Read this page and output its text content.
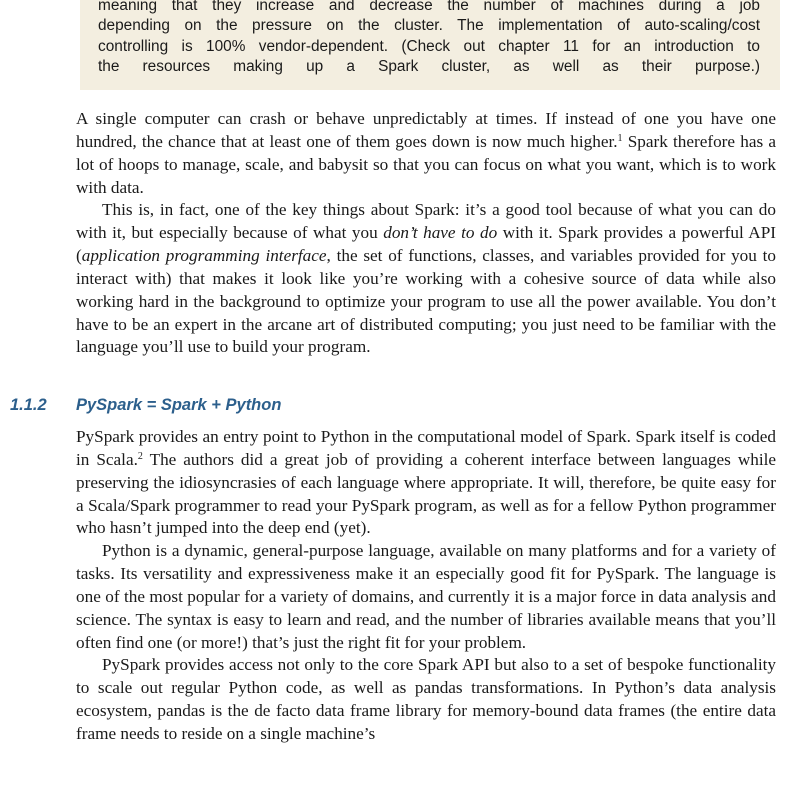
meaning that they increase and decrease the number of machines during a job
depending on the pressure on the cluster. The implementation of auto-scaling/cost
controlling is 100% vendor-dependent. (Check out chapter 11 for an introduction to
the resources making up a Spark cluster, as well as their purpose.)

A single computer can crash or behave unpredictably at times. If instead of one you have one hundred, the chance that at least one of them goes down is now much higher.$^1$ Spark therefore has a lot of hoops to manage, scale, and babysit so that you can focus on what you want, which is to work with data.

This is, in fact, one of the key things about Spark: it’s a good tool because of what you can do with it, but especially because of what you don’t have to do with it. Spark provides a powerful API (application programming interface, the set of functions, classes, and variables provided for you to interact with) that makes it look like you’re working with a cohesive source of data while also working hard in the background to optimize your program to use all the power available. You don’t have to be an expert in the arcane art of distributed computing; you just need to be familiar with the language you’ll use to build your program.

1.1.2 PySpark = Spark + Python

PySpark provides an entry point to Python in the computational model of Spark. Spark itself is coded in Scala.$^2$ The authors did a great job of providing a coherent interface between languages while preserving the idiosyncrasies of each language where appropriate. It will, therefore, be quite easy for a Scala/Spark programmer to read your PySpark program, as well as for a fellow Python programmer who hasn’t jumped into the deep end (yet).

Python is a dynamic, general-purpose language, available on many platforms and for a variety of tasks. Its versatility and expressiveness make it an especially good fit for PySpark. The language is one of the most popular for a variety of domains, and currently it is a major force in data analysis and science. The syntax is easy to learn and read, and the number of libraries available means that you’ll often find one (or more!) that’s just the right fit for your problem.

PySpark provides access not only to the core Spark API but also to a set of bespoke functionality to scale out regular Python code, as well as pandas transformations. In Python’s data analysis ecosystem, pandas is the de facto data frame library for memory-bound data frames (the entire data frame needs to reside on a single machine’s
